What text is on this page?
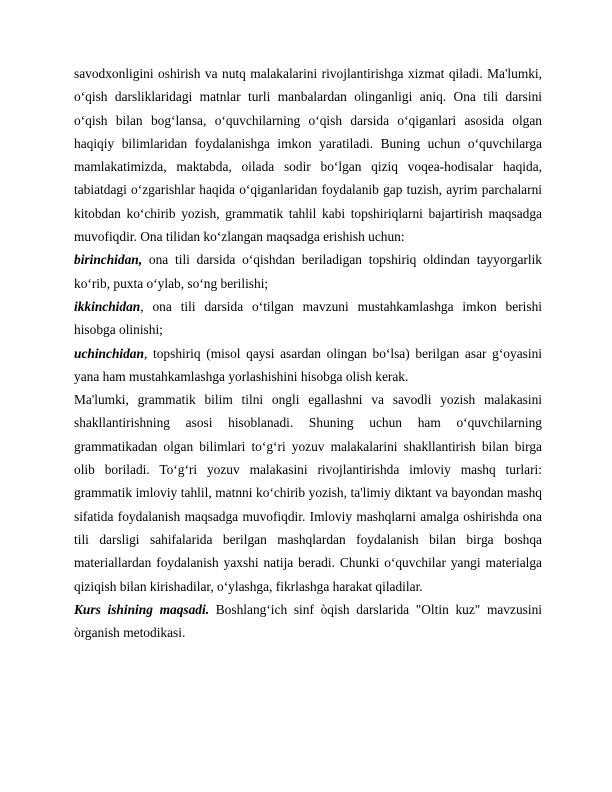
savodxonligini oshirish va nutq malakalarini rivojlantirishga xizmat qiladi. Ma'lumki, o‘qish darsliklaridagi matnlar turli manbalardan olinganligi aniq. Ona tili darsini o‘qish bilan bog‘lansa, o‘quvchilarning o‘qish darsida o‘qiganlari asosida olgan haqiqiy bilimlaridan foydalanishga imkon yaratiladi. Buning uchun o‘quvchilarga mamlakatimizda, maktabda, oilada sodir bo‘lgan qiziq voqea-hodisalar haqida, tabiatdagi o‘zgarishlar haqida o‘qiganlaridan foydalanib gap tuzish, ayrim parchalarni kitobdan ko‘chirib yozish, grammatik tahlil kabi topshiriqlarni bajartirish maqsadga muvofiqdir. Ona tilidan ko‘zlangan maqsadga erishish uchun:

birinchidan, ona tili darsida o‘qishdan beriladigan topshiriq oldindan tayyorgarlik ko‘rib, puxta o‘ylab, so‘ng berilishi;

ikkinchidan, ona tili darsida o‘tilgan mavzuni mustahkamlashga imkon berishi hisobga olinishi;

uchinchidan, topshiriq (misol qaysi asardan olingan bo‘lsa) berilgan asar g‘oyasini yana ham mustahkamlashga yorlashishini hisobga olish kerak.

Ma'lumki, grammatik bilim tilni ongli egallashni va savodli yozish malakasini shakllantirishning asosi hisoblanadi. Shuning uchun ham o‘quvchilarning grammatikadan olgan bilimlari to‘g‘ri yozuv malakalarini shakllantirish bilan birga olib boriladi. To‘g‘ri yozuv malakasini rivojlantirishda imloviy mashq turlari: grammatik imloviy tahlil, matnni ko‘chirib yozish, ta'limiy diktant va bayondan mashq sifatida foydalanish maqsadga muvofiqdir. Imloviy mashqlarni amalga oshirishda ona tili darsligi sahifalarida berilgan mashqlardan foydalanish bilan birga boshqa materiallardan foydalanish yaxshi natija beradi. Chunki o‘quvchilar yangi materialga qiziqish bilan kirishadilar, o‘ylashga, fikrlashga harakat qiladilar.

Kurs ishining maqsadi. Boshlang‘ich sinf òqish darslarida "Oltin kuz" mavzusini òrganish metodikasi.
